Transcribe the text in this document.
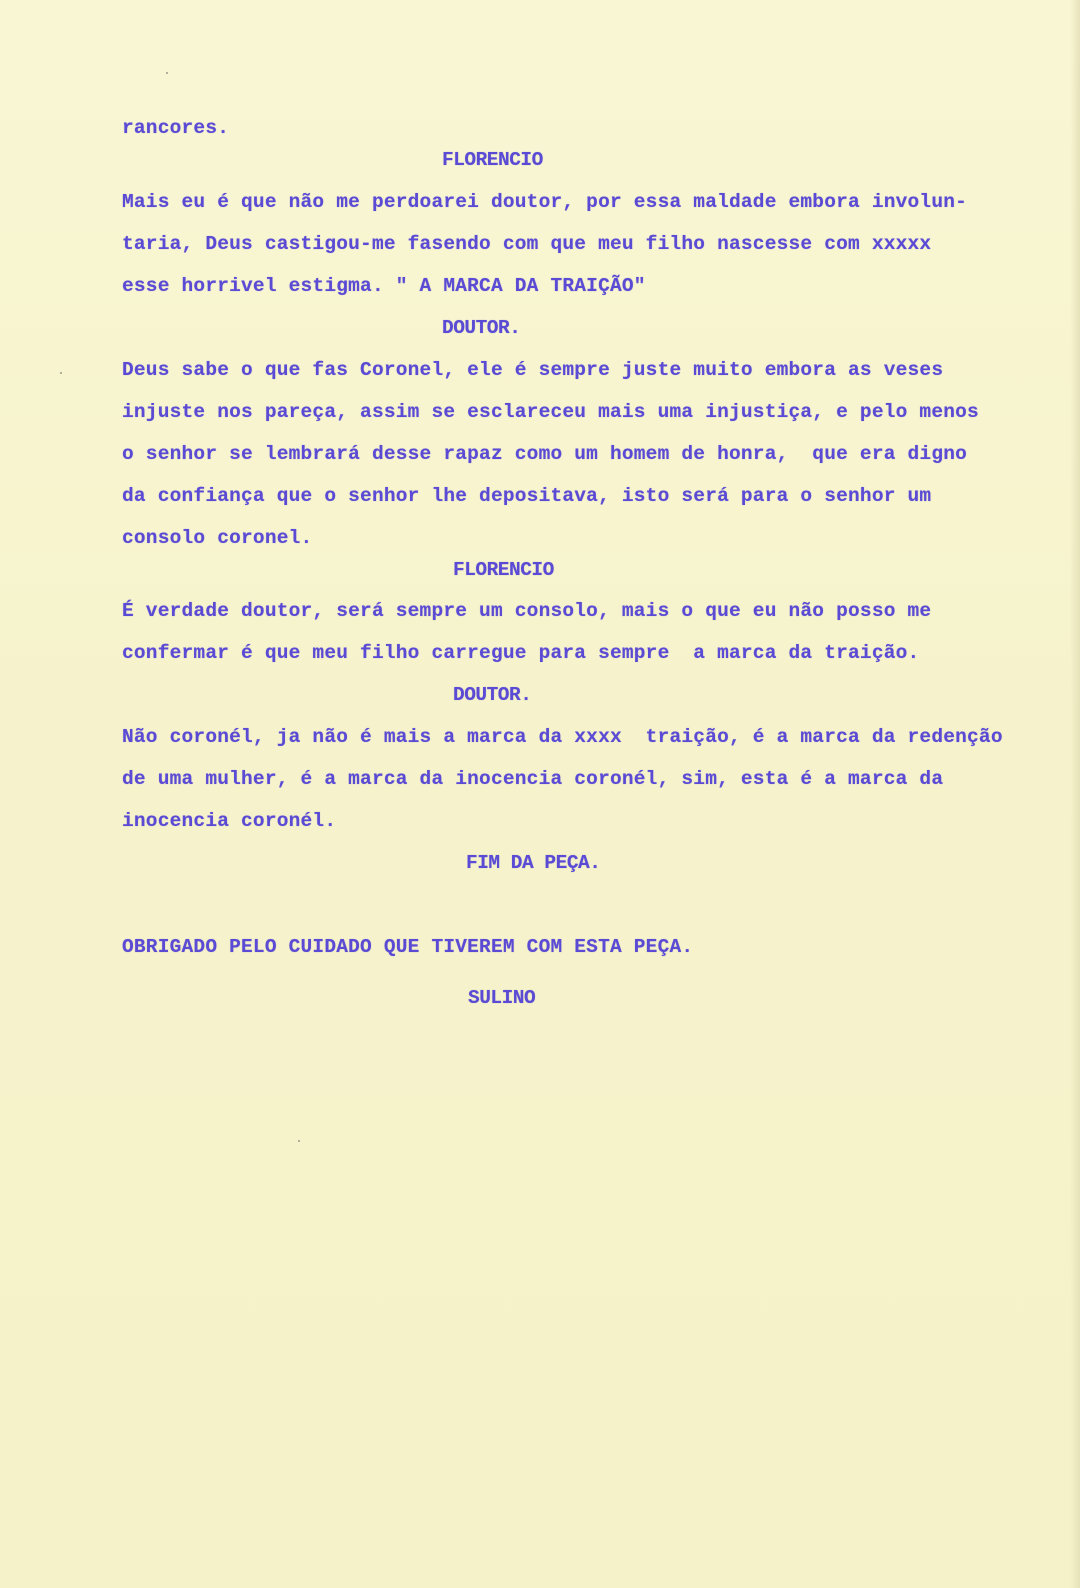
rancores.
FLORENCIO
Mais eu é que não me perdoarei doutor, por essa maldade embora involun-
taria, Deus castigou-me fasendo com que meu filho nascesse com xxxxx
esse horrivel estigma. " A MARCA DA TRAIÇÃO"
DOUTOR.
Deus sabe o que fas Coronel, ele é sempre juste muito embora as veses
injuste nos pareça, assim se esclareceu mais uma injustiça, e pelo menos
o senhor se lembrará desse rapaz como um homem de honra,  que era digno
da confiança que o senhor lhe depositava, isto será para o senhor um
consolo coronel.
FLORENCIO
É verdade doutor, será sempre um consolo, mais o que eu não posso me
confermar é que meu filho carregue para sempre  a marca da traição.
DOUTOR.
Não coronél, ja não é mais a marca da xxxx  traição, é a marca da redenção
de uma mulher, é a marca da inocencia coronél, sim, esta é a marca da
inocencia coronél.
FIM DA PEÇA.
OBRIGADO PELO CUIDADO QUE TIVEREM COM ESTA PEÇA.
SULINO
